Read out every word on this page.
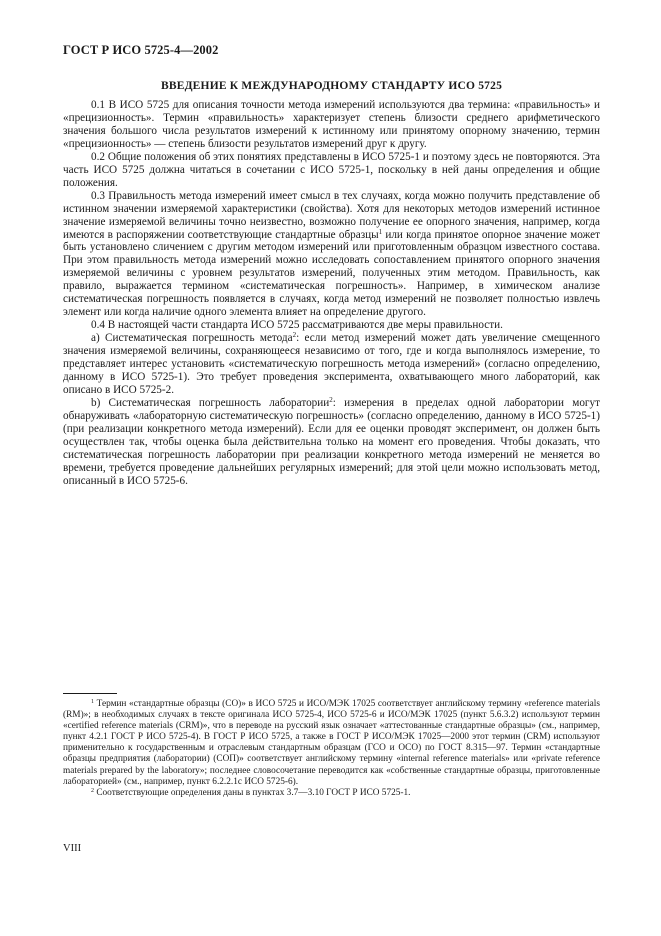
ГОСТ Р ИСО 5725-4—2002
ВВЕДЕНИЕ К МЕЖДУНАРОДНОМУ СТАНДАРТУ ИСО 5725

0.1 В ИСО 5725 для описания точности метода измерений используются два термина: «правильность» и «прецизионность». Термин «правильность» характеризует степень близости среднего арифметического значения большого числа результатов измерений к истинному или принятому опорному значению, термин «прецизионность» — степень близости результатов измерений друг к другу.

0.2 Общие положения об этих понятиях представлены в ИСО 5725-1 и поэтому здесь не повторяются. Эта часть ИСО 5725 должна читаться в сочетании с ИСО 5725-1, поскольку в ней даны определения и общие положения.

0.3 Правильность метода измерений имеет смысл в тех случаях, когда можно получить представление об истинном значении измеряемой характеристики (свойства). Хотя для некоторых методов измерений истинное значение измеряемой величины точно неизвестно, возможно получение ее опорного значения, например, когда имеются в распоряжении соответствующие стандартные образцы$^1$ или когда принятое опорное значение может быть установлено сличением с другим методом измерений или приготовленным образцом известного состава. При этом правильность метода измерений можно исследовать сопоставлением принятого опорного значения измеряемой величины с уровнем результатов измерений, полученных этим методом. Правильность, как правило, выражается термином «систематическая погрешность». Например, в химическом анализе систематическая погрешность появляется в случаях, когда метод измерений не позволяет полностью извлечь элемент или когда наличие одного элемента влияет на определение другого.

0.4 В настоящей части стандарта ИСО 5725 рассматриваются две меры правильности.

а) Систематическая погрешность метода$^2$: если метод измерений может дать увеличение смещенного значения измеряемой величины, сохраняющееся независимо от того, где и когда выполнялось измерение, то представляет интерес установить «систематическую погрешность метода измерений» (согласно определению, данному в ИСО 5725-1). Это требует проведения эксперимента, охватывающего много лабораторий, как описано в ИСО 5725-2.

b) Систематическая погрешность лаборатории$^2$: измерения в пределах одной лаборатории могут обнаруживать «лабораторную систематическую погрешность» (согласно определению, данному в ИСО 5725-1) (при реализации конкретного метода измерений). Если для ее оценки проводят эксперимент, он должен быть осуществлен так, чтобы оценка была действительна только на момент его проведения. Чтобы доказать, что систематическая погрешность лаборатории при реализации конкретного метода измерений не меняется во времени, требуется проведение дальнейших регулярных измерений; для этой цели можно использовать метод, описанный в ИСО 5725-6.

$^1$ Термин «стандартные образцы (СО)» в ИСО 5725 и ИСО/МЭК 17025 соответствует английскому термину «reference materials (RM)»; в необходимых случаях в тексте оригинала ИСО 5725-4, ИСО 5725-6 и ИСО/МЭК 17025 (пункт 5.6.3.2) используют термин «certified reference materials (CRM)», что в переводе на русский язык означает «аттестованные стандартные образцы» (см., например, пункт 4.2.1 ГОСТ Р ИСО 5725-4). В ГОСТ Р ИСО 5725, а также в ГОСТ Р ИСО/МЭК 17025—2000 этот термин (CRM) используют применительно к государственным и отраслевым стандартным образцам (ГСО и ОСО) по ГОСТ 8.315—97. Термин «стандартные образцы предприятия (лаборатории) (СОП)» соответствует английскому термину «internal reference materials» или «private reference materials prepared by the laboratory»; последнее словосочетание переводится как «собственные стандартные образцы, приготовленные лабораторией» (см., например, пункт 6.2.2.1с ИСО 5725-6).

$^2$ Соответствующие определения даны в пунктах 3.7—3.10 ГОСТ Р ИСО 5725-1.

VIII
